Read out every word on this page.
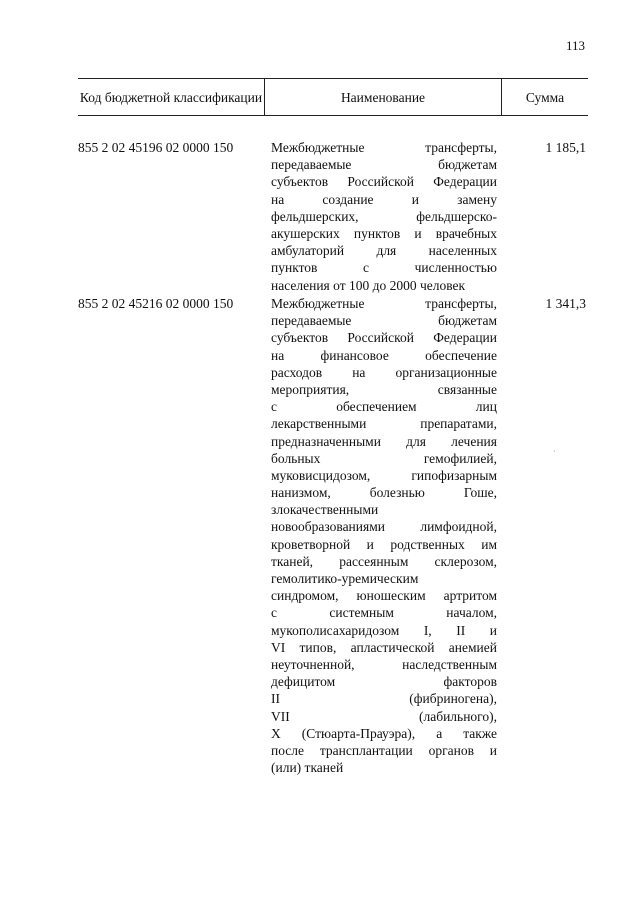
113
Код бюджетной классификации	Наименование	Сумма
855 2 02 45196 02 0000 150	Межбюджетные трансферты,
передаваемые бюджетам
субъектов Российской Федерации
на создание и замену
фельдшерских, фельдшерско-
акушерских пунктов и врачебных
амбулаторий для населенных
пунктов с численностью
населения от 100 до 2000 человек
1 185,1
855 2 02 45216 02 0000 150	Межбюджетные трансферты,
передаваемые бюджетам
субъектов Российской Федерации
на финансовое обеспечение
расходов на организационные
мероприятия, связанные
с обеспечением лиц
лекарственными препаратами,
предназначенными для лечения
больных гемофилией,
муковисцидозом, гипофизарным
нанизмом, болезнью Гоше,
злокачественными
новообразованиями лимфоидной,
кроветворной и родственных им
тканей, рассеянным склерозом,
гемолитико-уремическим
синдромом, юношеским артритом
с системным началом,
мукополисахаридозом I, II и
VI типов, апластической анемией
неуточненной, наследственным
дефицитом факторов
II (фибриногена),
VII (лабильного),
X (Стюарта-Прауэра), а также
после трансплантации органов и
(или) тканей
1 341,3
·
